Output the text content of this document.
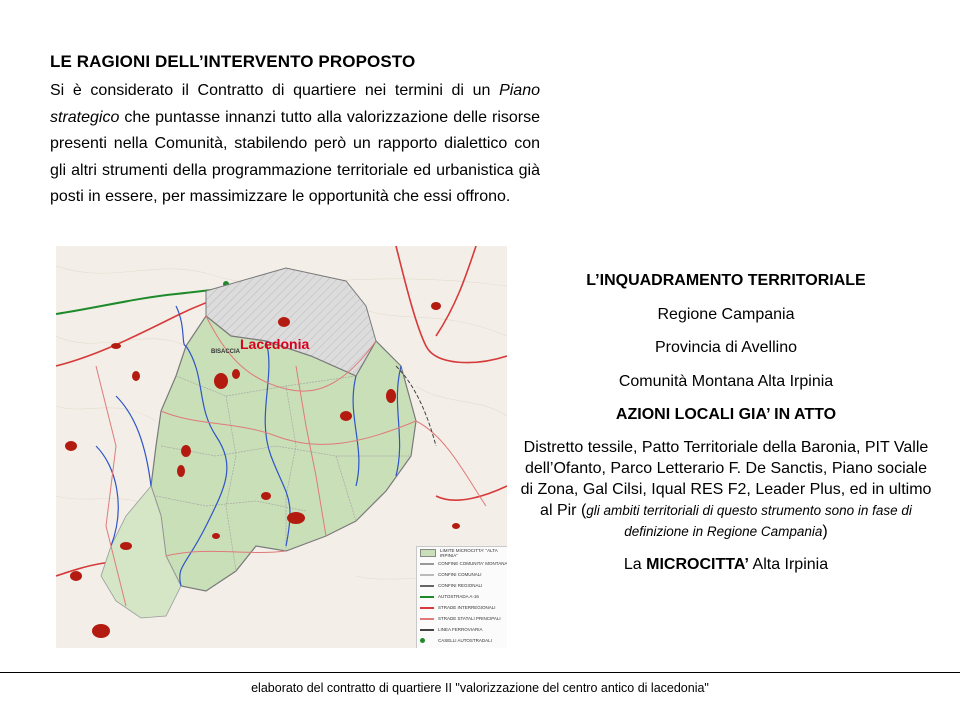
LE RAGIONI DELL’INTERVENTO PROPOSTO
Si è considerato il Contratto di quartiere nei termini di un Piano strategico che puntasse innanzi tutto alla valorizzazione delle risorse presenti nella Comunità, stabilendo però un rapporto dialettico con gli altri strumenti della programmazione territoriale ed urbanistica già posti in essere, per massimizzare le opportunità che essi offrono.
BISACCIA Lacedonia
LIMITE MICROCITTA' "ALTA IRPINIA"
CONFINE COMUNITA' MONTANA
CONFINI COMUNALI
CONFINI REGIONALI
AUTOSTRADA A-16
STRADE INTERREGIONALI
STRADE STATALI PRINCIPALI
LINEA FERROVIARIA
CASELLI AUTOSTRADALI
L’INQUADRAMENTO TERRITORIALE
Regione Campania
Provincia di Avellino
Comunità Montana Alta Irpinia
AZIONI LOCALI GIA’ IN ATTO
Distretto tessile, Patto Territoriale della Baronia, PIT Valle dell’Ofanto, Parco Letterario F. De Sanctis, Piano sociale di Zona, Gal Cilsi, Iqual RES F2, Leader Plus, ed in ultimo al Pir (gli ambiti territoriali di questo strumento sono in fase di definizione in Regione Campania)
La MICROCITTA’ Alta Irpinia
elaborato del contratto di quartiere II "valorizzazione del centro antico di lacedonia"
